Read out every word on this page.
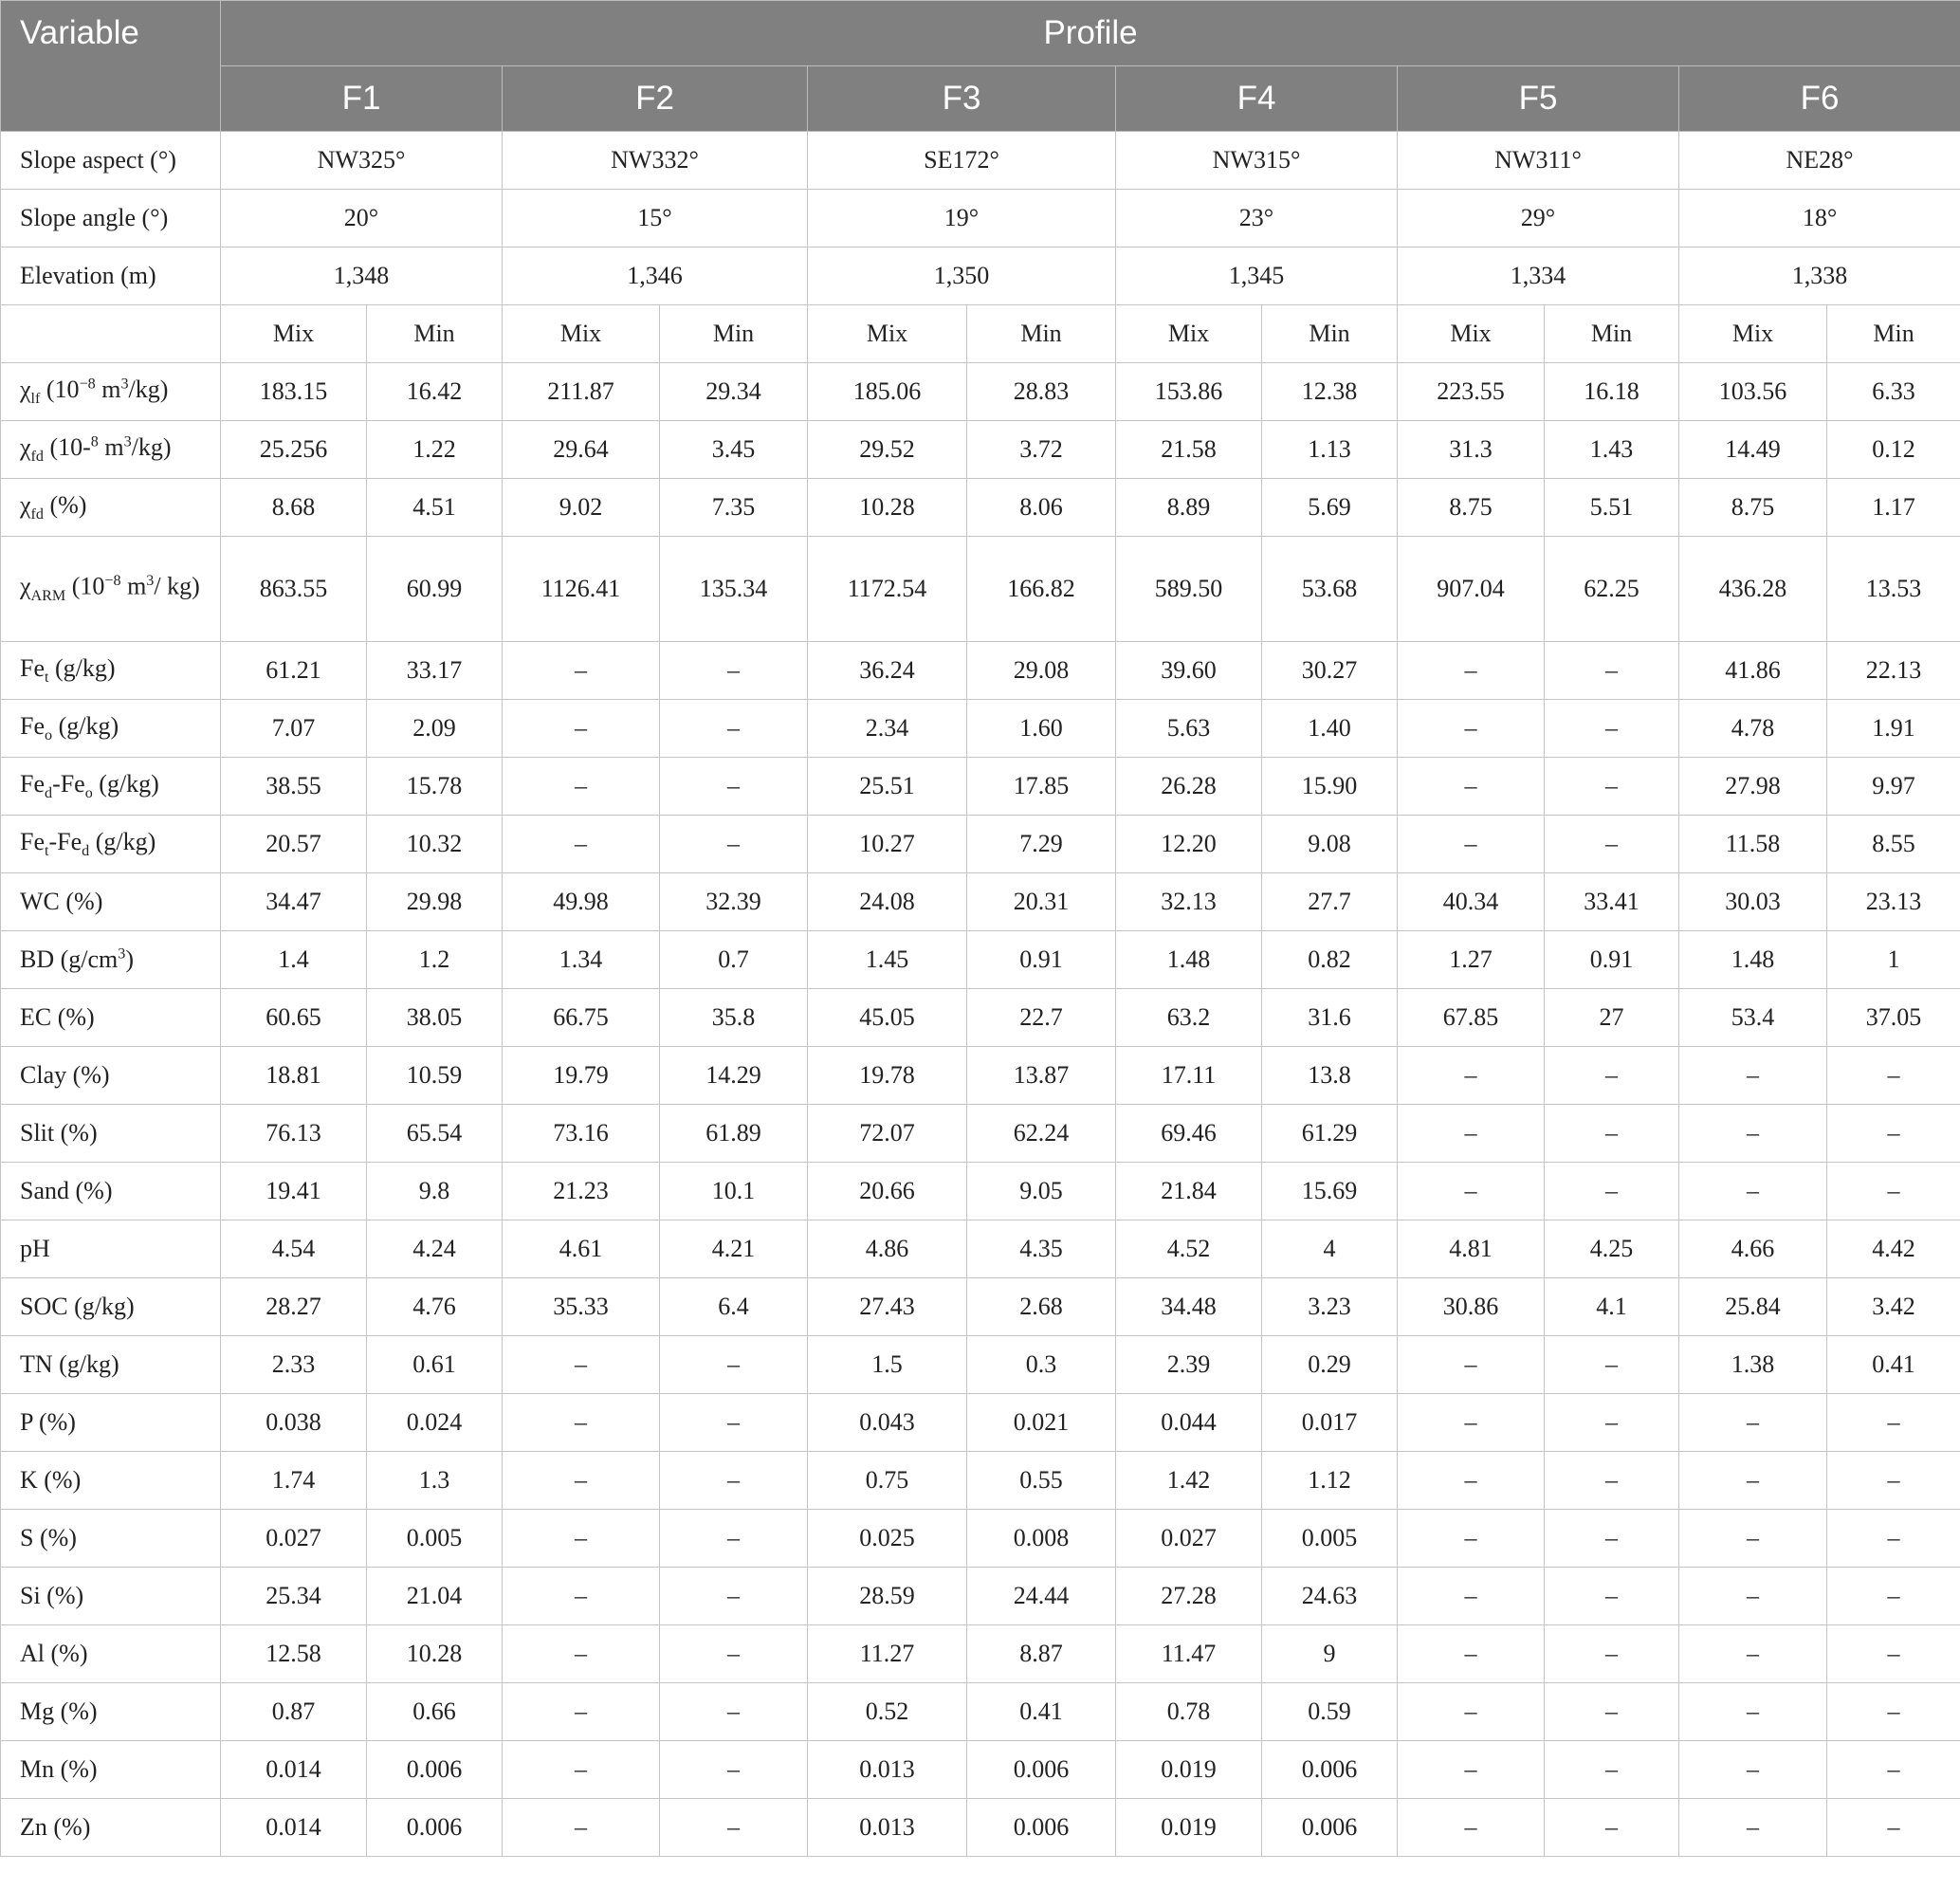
Variable	Profile											
	F1		F2		F3		F4		F5		F6	
Slope aspect (°)	NW325°		NW332°		SE172°		NW315°		NW311°		NE28°	
Slope angle (°)	20°		15°		19°		23°		29°		18°	
Elevation (m)	1,348		1,346		1,350		1,345		1,334		1,338	
	Mix	Min	Mix	Min	Mix	Min	Mix	Min	Mix	Min	Mix	Min
$\chi_{lf}$ ($10^{-8}$ $m^3/kg$)	183.15	16.42	211.87	29.34	185.06	28.83	153.86	12.38	223.55	16.18	103.56	6.33
$\chi_{fd}$ (10-$^8$ $m^3/kg$)	25.256	1.22	29.64	3.45	29.52	3.72	21.58	1.13	31.3	1.43	14.49	0.12
$\chi_{fd}$ (%)	8.68	4.51	9.02	7.35	10.28	8.06	8.89	5.69	8.75	5.51	8.75	1.17
$\chi_{ARM}$ ($10^{-8}$ $m^3/$ kg)	863.55	60.99	1126.41	135.34	1172.54	166.82	589.50	53.68	907.04	62.25	436.28	13.53
$Fe_t$ (g/kg)	61.21	33.17	–	–	36.24	29.08	39.60	30.27	–	–	41.86	22.13
$Fe_o$ (g/kg)	7.07	2.09	–	–	2.34	1.60	5.63	1.40	–	–	4.78	1.91
$Fe_d-Fe_o$ (g/kg)	38.55	15.78	–	–	25.51	17.85	26.28	15.90	–	–	27.98	9.97
$Fe_t-Fe_d$ (g/kg)	20.57	10.32	–	–	10.27	7.29	12.20	9.08	–	–	11.58	8.55
WC (%)	34.47	29.98	49.98	32.39	24.08	20.31	32.13	27.7	40.34	33.41	30.03	23.13
BD $(g/cm^3)$	1.4	1.2	1.34	0.7	1.45	0.91	1.48	0.82	1.27	0.91	1.48	1
EC (%)	60.65	38.05	66.75	35.8	45.05	22.7	63.2	31.6	67.85	27	53.4	37.05
Clay (%)	18.81	10.59	19.79	14.29	19.78	13.87	17.11	13.8	–	–	–	–
Slit (%)	76.13	65.54	73.16	61.89	72.07	62.24	69.46	61.29	–	–	–	–
Sand (%)	19.41	9.8	21.23	10.1	20.66	9.05	21.84	15.69	–	–	–	–
pH	4.54	4.24	4.61	4.21	4.86	4.35	4.52	4	4.81	4.25	4.66	4.42
SOC (g/kg)	28.27	4.76	35.33	6.4	27.43	2.68	34.48	3.23	30.86	4.1	25.84	3.42
TN (g/kg)	2.33	0.61	–	–	1.5	0.3	2.39	0.29	–	–	1.38	0.41
P (%)	0.038	0.024	–	–	0.043	0.021	0.044	0.017	–	–	–	–
K (%)	1.74	1.3	–	–	0.75	0.55	1.42	1.12	–	–	–	–
S (%)	0.027	0.005	–	–	0.025	0.008	0.027	0.005	–	–	–	–
Si (%)	25.34	21.04	–	–	28.59	24.44	27.28	24.63	–	–	–	–
Al (%)	12.58	10.28	–	–	11.27	8.87	11.47	9	–	–	–	–
Mg (%)	0.87	0.66	–	–	0.52	0.41	0.78	0.59	–	–	–	–
Mn (%)	0.014	0.006	–	–	0.013	0.006	0.019	0.006	–	–	–	–
Zn (%)	0.014	0.006	–	–	0.013	0.006	0.019	0.006	–	–	–	–
